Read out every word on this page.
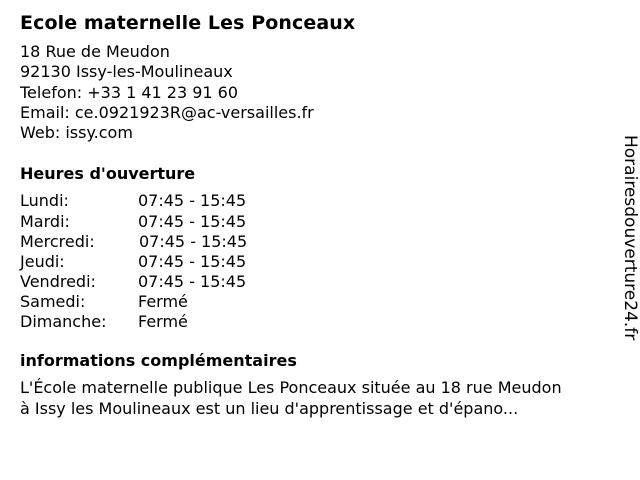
Ecole maternelle Les Ponceaux
18 Rue de Meudon
92130 Issy-les-Moulineaux
Telefon: +33 1 41 23 91 60
Email: ce.0921923R@ac-versailles.fr
Web: issy.com
Heures d'ouverture
Lundi:	07:45 - 15:45
Mardi:	07:45 - 15:45
Mercredi:	07:45 - 15:45
Jeudi:	07:45 - 15:45
Vendredi:	07:45 - 15:45
Samedi:	Fermé
Dimanche:	Fermé
informations complémentaires
L'École maternelle publique Les Ponceaux située au 18 rue Meudon
à Issy les Moulineaux est un lieu d'apprentissage et d'épano...
Horairesdouverture24.fr
